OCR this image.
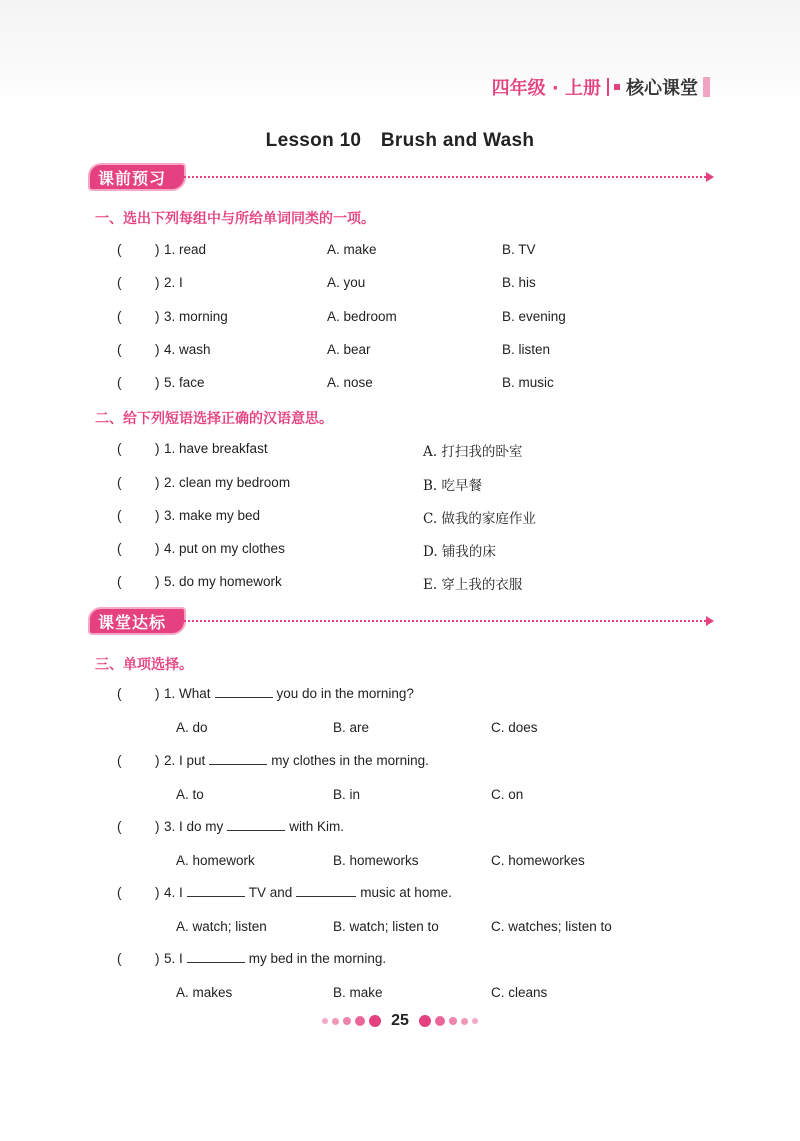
四年级 · 上册 核心课堂
Lesson 10 Brush and Wash
课前预习
一、选出下列每组中与所给单词同类的一项。
( ) 1. read	A. make	B. TV
( ) 2. I	A. you	B. his
( ) 3. morning	A. bedroom	B. evening
( ) 4. wash	A. bear	B. listen
( ) 5. face	A. nose	B. music
二、给下列短语选择正确的汉语意思。
( ) 1. have breakfast	A. 打扫我的卧室
( ) 2. clean my bedroom	B. 吃早餐
( ) 3. make my bed	C. 做我的家庭作业
( ) 4. put on my clothes	D. 铺我的床
( ) 5. do my homework	E. 穿上我的衣服
课堂达标
三、单项选择。
( ) 1. What	you do in the morning?
A. do	B. are	C. does
( ) 2. I put	my clothes in the morning.
A. to	B. in	C. on
( ) 3. I do my	with Kim.
A. homework	B. homeworks	C. homeworkes
( ) 4. I	TV and	music at home.
A. watch; listen	B. watch; listen to	C. watches; listen to
( ) 5. I	my bed in the morning.
A. makes	B. make	C. cleans
25
